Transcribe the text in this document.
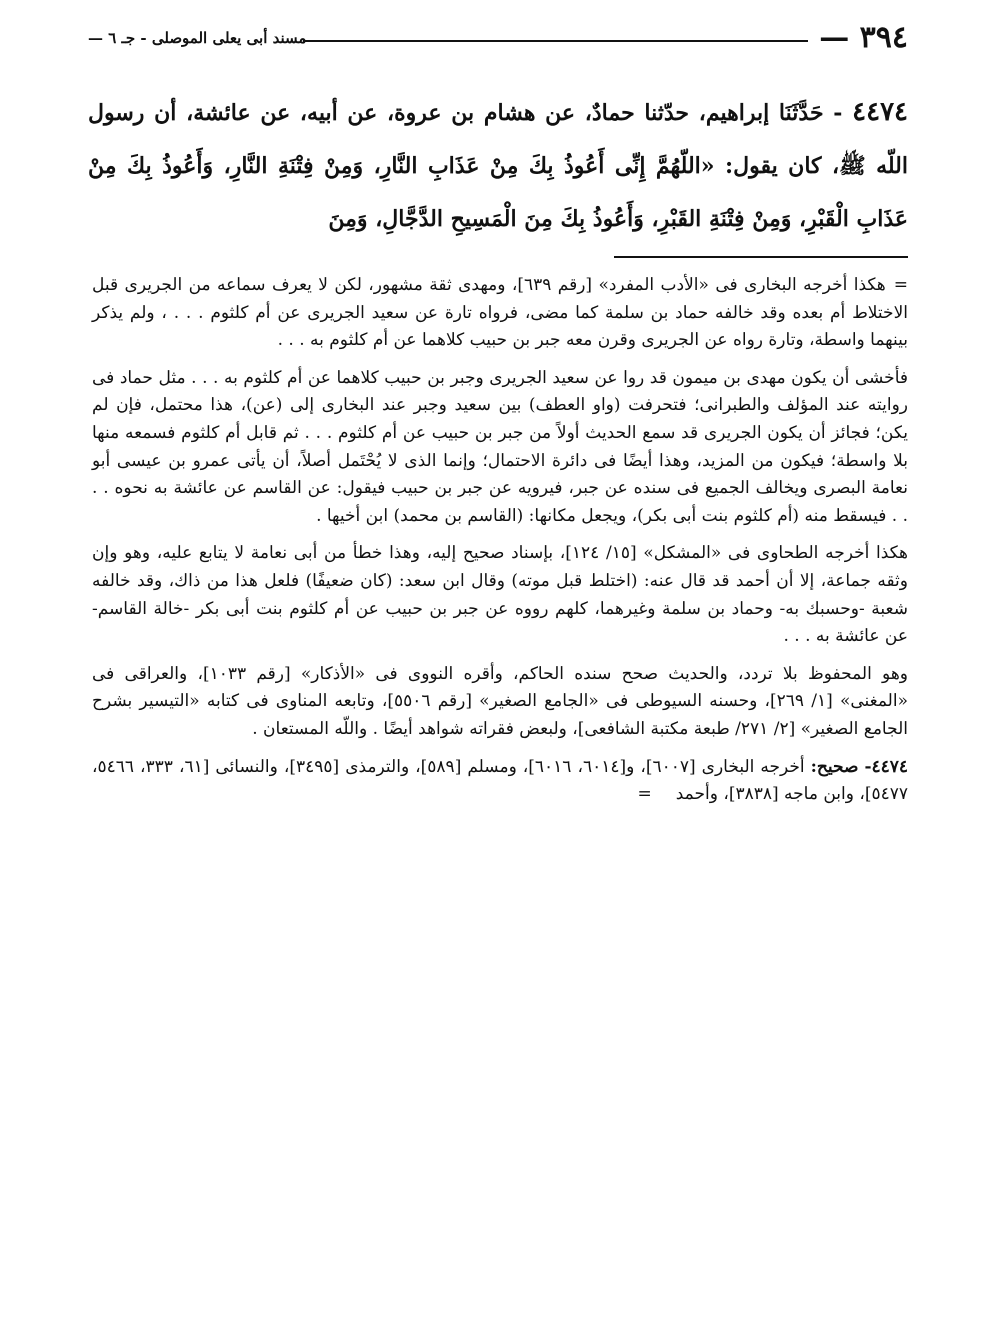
٣٩٤ —
مسند أبى يعلى الموصلى - جـ ٦ —
٤٤٧٤ - حَدَّثَنَا إبراهيم، حدّثنا حمادٌ، عن هشام بن عروة، عن أبيه، عن عائشة، أن رسول اللّه ﷺ، كان يقول: «اللّهُمَّ إِنِّى أَعُوذُ بِكَ مِنْ عَذَابِ النَّارِ، وَمِنْ فِتْنَةِ النَّارِ، وَأَعُوذُ بِكَ مِنْ عَذَابِ الْقَبْرِ، وَمِنْ فِتْنَةِ القَبْرِ، وَأَعُوذُ بِكَ مِنَ الْمَسِيحِ الدَّجَّالِ، وَمِنَ

=هكذا أخرجه البخارى فى «الأدب المفرد» [رقم ٦٣٩]، ومهدى ثقة مشهور، لكن لا يعرف سماعه من الجريرى قبل الاختلاط أم بعده وقد خالفه حماد بن سلمة كما مضى، فرواه تارة عن سعيد الجريرى عن أم كلثوم . . . ، ولم يذكر بينهما واسطة، وتارة رواه عن الجريرى وقرن معه جبر بن حبيب كلاهما عن أم كلثوم به . . .

فأخشى أن يكون مهدى بن ميمون قد روا عن سعيد الجريرى وجبر بن حبيب كلاهما عن أم كلثوم به . . . مثل حماد فى روايته عند المؤلف والطبرانى؛ فتحرفت (واو العطف) بين سعيد وجبر عند البخارى إلى (عن)، هذا محتمل، فإن لم يكن؛ فجائز أن يكون الجريرى قد سمع الحديث أولاً من جبر بن حبيب عن أم كلثوم . . . ثم قابل أم كلثوم فسمعه منها بلا واسطة؛ فيكون من المزيد، وهذا أيضًا فى دائرة الاحتمال؛ وإنما الذى لا يُحْتَمل أصلاً، أن يأتى عمرو بن عيسى أبو نعامة البصرى ويخالف الجميع فى سنده عن جبر، فيرويه عن جبر بن حبيب فيقول: عن القاسم عن عائشة به نحوه . . . . فيسقط منه (أم كلثوم بنت أبى بكر)، ويجعل مكانها: (القاسم بن محمد) ابن أخيها .

هكذا أخرجه الطحاوى فى «المشكل» [١٥/ ١٢٤]، بإسناد صحيح إليه، وهذا خطأ من أبى نعامة لا يتابع عليه، وهو وإن وثقه جماعة، إلا أن أحمد قد قال عنه: (اختلط قبل موته) وقال ابن سعد: (كان ضعيفًا) فلعل هذا من ذاك، وقد خالفه شعبة -وحسبك به- وحماد بن سلمة وغيرهما، كلهم رووه عن جبر بن حبيب عن أم كلثوم بنت أبى بكر -خالة القاسم- عن عائشة به . . .

وهو المحفوظ بلا تردد، والحديث صحح سنده الحاكم، وأقره النووى فى «الأذكار» [رقم ١٠٣٣]، والعراقى فى «المغنى» [١/ ٢٦٩]، وحسنه السيوطى فى «الجامع الصغير» [رقم ٥٥٠٦]، وتابعه المناوى فى كتابه «التيسير بشرح الجامع الصغير» [٢/ ٢٧١/ طبعة مكتبة الشافعى]، ولبعض فقراته شواهد أيضًا . واللّه المستعان .

٤٤٧٤- صحيح: أخرجه البخارى [٦٠٠٧]، و[٦٠١٤، ٦٠١٦]، ومسلم [٥٨٩]، والترمذى [٣٤٩٥]، والنسائى [٦١، ٣٣٣، ٥٤٦٦، ٥٤٧٧]، وابن ماجه [٣٨٣٨]، وأحمد=
